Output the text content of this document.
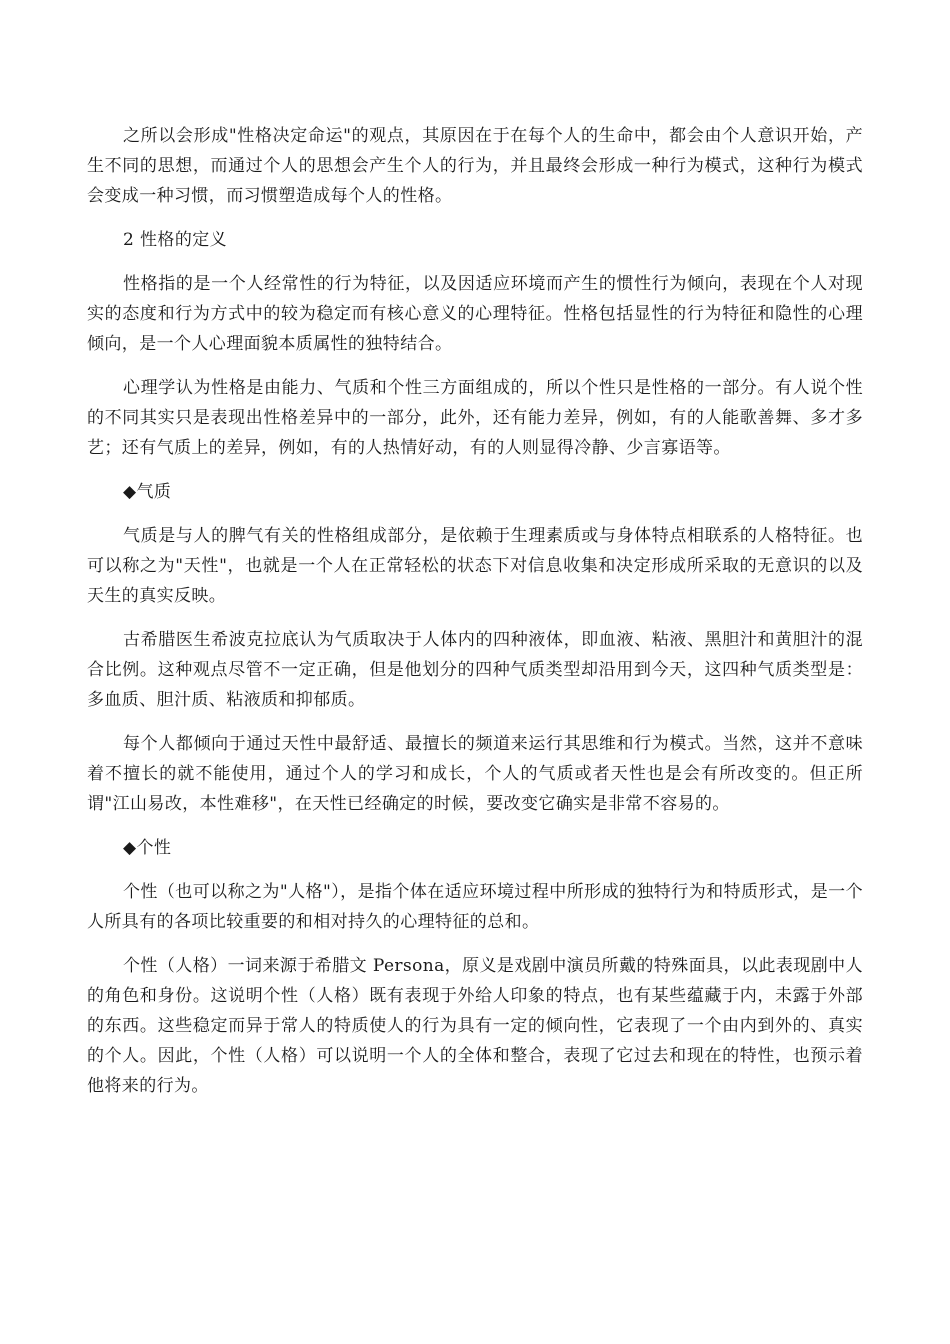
之所以会形成"性格决定命运"的观点，其原因在于在每个人的生命中，都会由个人意识开始，产生不同的思想，而通过个人的思想会产生个人的行为，并且最终会形成一种行为模式，这种行为模式会变成一种习惯，而习惯塑造成每个人的性格。

2 性格的定义

性格指的是一个人经常性的行为特征，以及因适应环境而产生的惯性行为倾向，表现在个人对现实的态度和行为方式中的较为稳定而有核心意义的心理特征。性格包括显性的行为特征和隐性的心理倾向，是一个人心理面貌本质属性的独特结合。

心理学认为性格是由能力、气质和个性三方面组成的，所以个性只是性格的一部分。有人说个性的不同其实只是表现出性格差异中的一部分，此外，还有能力差异，例如，有的人能歌善舞、多才多艺；还有气质上的差异，例如，有的人热情好动，有的人则显得冷静、少言寡语等。

◆气质

气质是与人的脾气有关的性格组成部分，是依赖于生理素质或与身体特点相联系的人格特征。也可以称之为"天性"，也就是一个人在正常轻松的状态下对信息收集和决定形成所采取的无意识的以及天生的真实反映。

古希腊医生希波克拉底认为气质取决于人体内的四种液体，即血液、粘液、黑胆汁和黄胆汁的混合比例。这种观点尽管不一定正确，但是他划分的四种气质类型却沿用到今天，这四种气质类型是：多血质、胆汁质、粘液质和抑郁质。

每个人都倾向于通过天性中最舒适、最擅长的频道来运行其思维和行为模式。当然，这并不意味着不擅长的就不能使用，通过个人的学习和成长，个人的气质或者天性也是会有所改变的。但正所谓"江山易改，本性难移"，在天性已经确定的时候，要改变它确实是非常不容易的。

◆个性

个性（也可以称之为"人格"），是指个体在适应环境过程中所形成的独特行为和特质形式，是一个人所具有的各项比较重要的和相对持久的心理特征的总和。

个性（人格）一词来源于希腊文 Persona，原义是戏剧中演员所戴的特殊面具，以此表现剧中人的角色和身份。这说明个性（人格）既有表现于外给人印象的特点，也有某些蕴藏于内，未露于外部的东西。这些稳定而异于常人的特质使人的行为具有一定的倾向性，它表现了一个由内到外的、真实的个人。因此，个性（人格）可以说明一个人的全体和整合，表现了它过去和现在的特性，也预示着他将来的行为。
